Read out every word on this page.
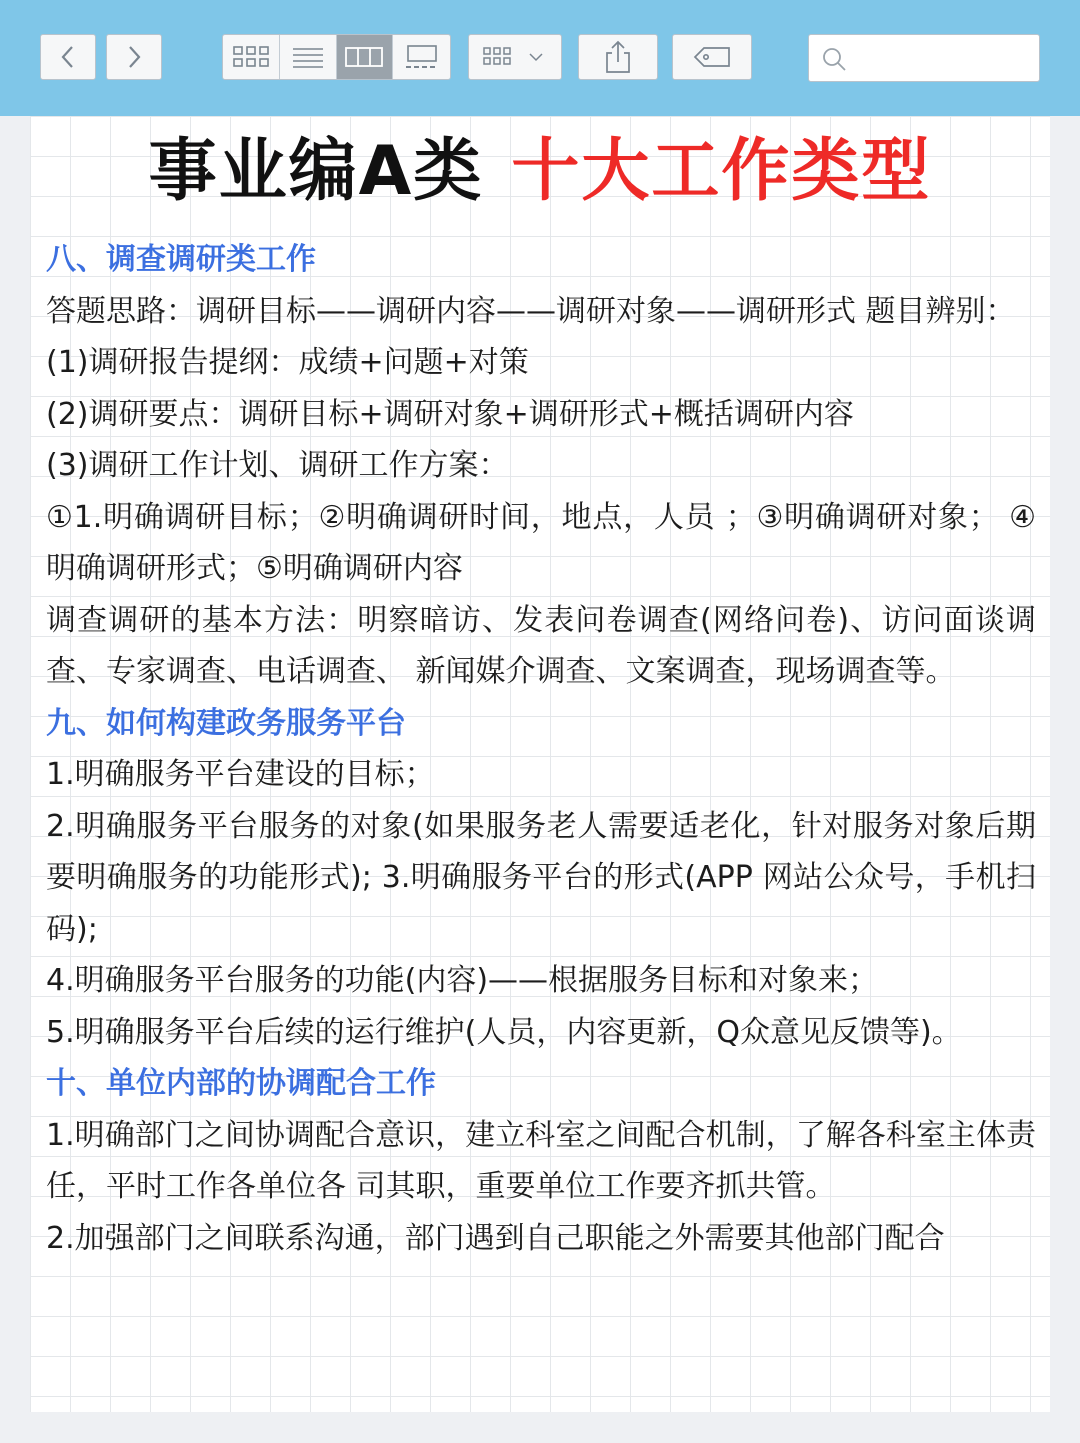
事业编A类 十大工作类型

八、调查调研类工作

答题思路：调研目标——调研内容——调研对象——调研形式 题目辨别：

(1)调研报告提纲：成绩+问题+对策

(2)调研要点：调研目标+调研对象+调研形式+概括调研内容

(3)调研工作计划、调研工作方案：

①1.明确调研目标；②明确调研时间，地点，人员 ；③明确调研对象； ④明确调研形式；⑤明确调研内容

调查调研的基本方法：明察暗访、发表问卷调查(网络问卷)、访问面谈调查、专家调查、电话调查、 新闻媒介调查、文案调查，现场调查等。

九、如何构建政务服务平台

1.明确服务平台建设的目标；

2.明确服务平台服务的对象(如果服务老人需要适老化，针对服务对象后期要明确服务的功能形式); 3.明确服务平台的形式(APP 网站公众号，手机扫码);

4.明确服务平台服务的功能(内容)——根据服务目标和对象来；

5.明确服务平台后续的运行维护(人员，内容更新，Q众意见反馈等)。

十、单位内部的协调配合工作

1.明确部门之间协调配合意识，建立科室之间配合机制，了解各科室主体责任，平时工作各单位各 司其职，重要单位工作要齐抓共管。

2.加强部门之间联系沟通，部门遇到自己职能之外需要其他部门配合
